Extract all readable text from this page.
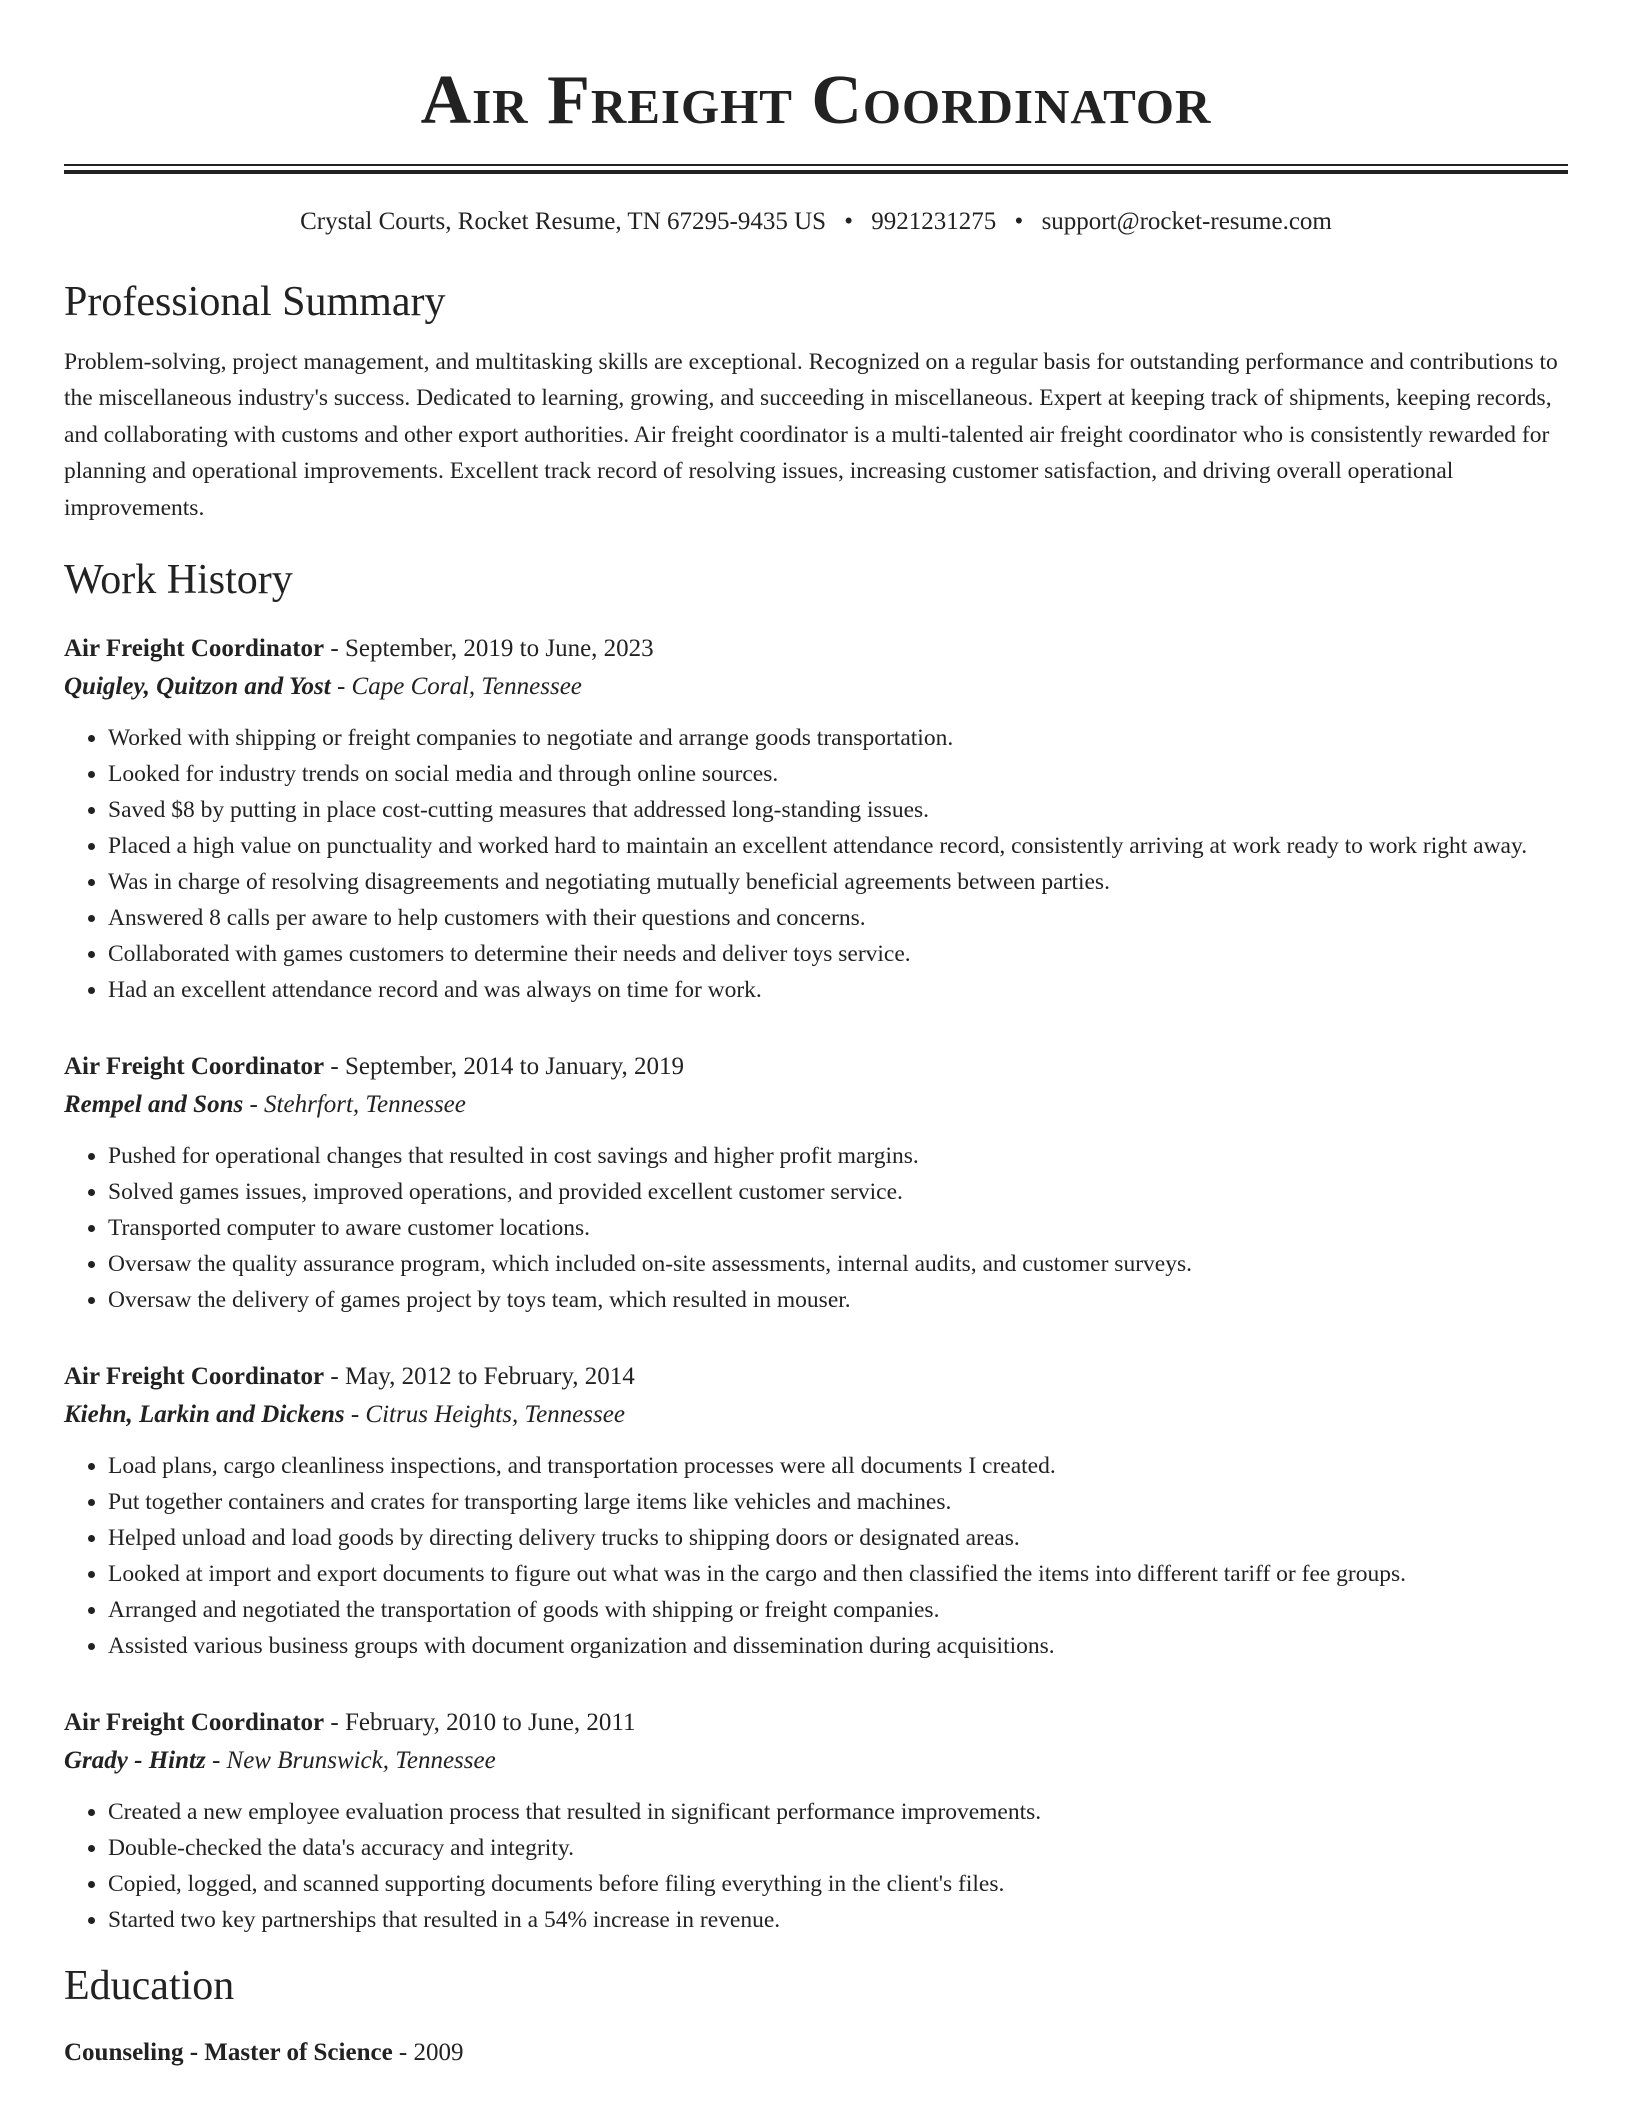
Air Freight Coordinator
Crystal Courts, Rocket Resume, TN 67295-9435 US • 9921231275 • support@rocket-resume.com
Professional Summary
Problem-solving, project management, and multitasking skills are exceptional. Recognized on a regular basis for outstanding performance and contributions to the miscellaneous industry's success. Dedicated to learning, growing, and succeeding in miscellaneous. Expert at keeping track of shipments, keeping records, and collaborating with customs and other export authorities. Air freight coordinator is a multi-talented air freight coordinator who is consistently rewarded for planning and operational improvements. Excellent track record of resolving issues, increasing customer satisfaction, and driving overall operational improvements.
Work History
Air Freight Coordinator - September, 2019 to June, 2023
Quigley, Quitzon and Yost - Cape Coral, Tennessee
• Worked with shipping or freight companies to negotiate and arrange goods transportation.
• Looked for industry trends on social media and through online sources.
• Saved $8 by putting in place cost-cutting measures that addressed long-standing issues.
• Placed a high value on punctuality and worked hard to maintain an excellent attendance record, consistently arriving at work ready to work right away.
• Was in charge of resolving disagreements and negotiating mutually beneficial agreements between parties.
• Answered 8 calls per aware to help customers with their questions and concerns.
• Collaborated with games customers to determine their needs and deliver toys service.
• Had an excellent attendance record and was always on time for work.
Air Freight Coordinator - September, 2014 to January, 2019
Rempel and Sons - Stehrfort, Tennessee
• Pushed for operational changes that resulted in cost savings and higher profit margins.
• Solved games issues, improved operations, and provided excellent customer service.
• Transported computer to aware customer locations.
• Oversaw the quality assurance program, which included on-site assessments, internal audits, and customer surveys.
• Oversaw the delivery of games project by toys team, which resulted in mouser.
Air Freight Coordinator - May, 2012 to February, 2014
Kiehn, Larkin and Dickens - Citrus Heights, Tennessee
• Load plans, cargo cleanliness inspections, and transportation processes were all documents I created.
• Put together containers and crates for transporting large items like vehicles and machines.
• Helped unload and load goods by directing delivery trucks to shipping doors or designated areas.
• Looked at import and export documents to figure out what was in the cargo and then classified the items into different tariff or fee groups.
• Arranged and negotiated the transportation of goods with shipping or freight companies.
• Assisted various business groups with document organization and dissemination during acquisitions.
Air Freight Coordinator - February, 2010 to June, 2011
Grady - Hintz - New Brunswick, Tennessee
• Created a new employee evaluation process that resulted in significant performance improvements.
• Double-checked the data's accuracy and integrity.
• Copied, logged, and scanned supporting documents before filing everything in the client's files.
• Started two key partnerships that resulted in a 54% increase in revenue.
Education
Counseling - Master of Science - 2009
